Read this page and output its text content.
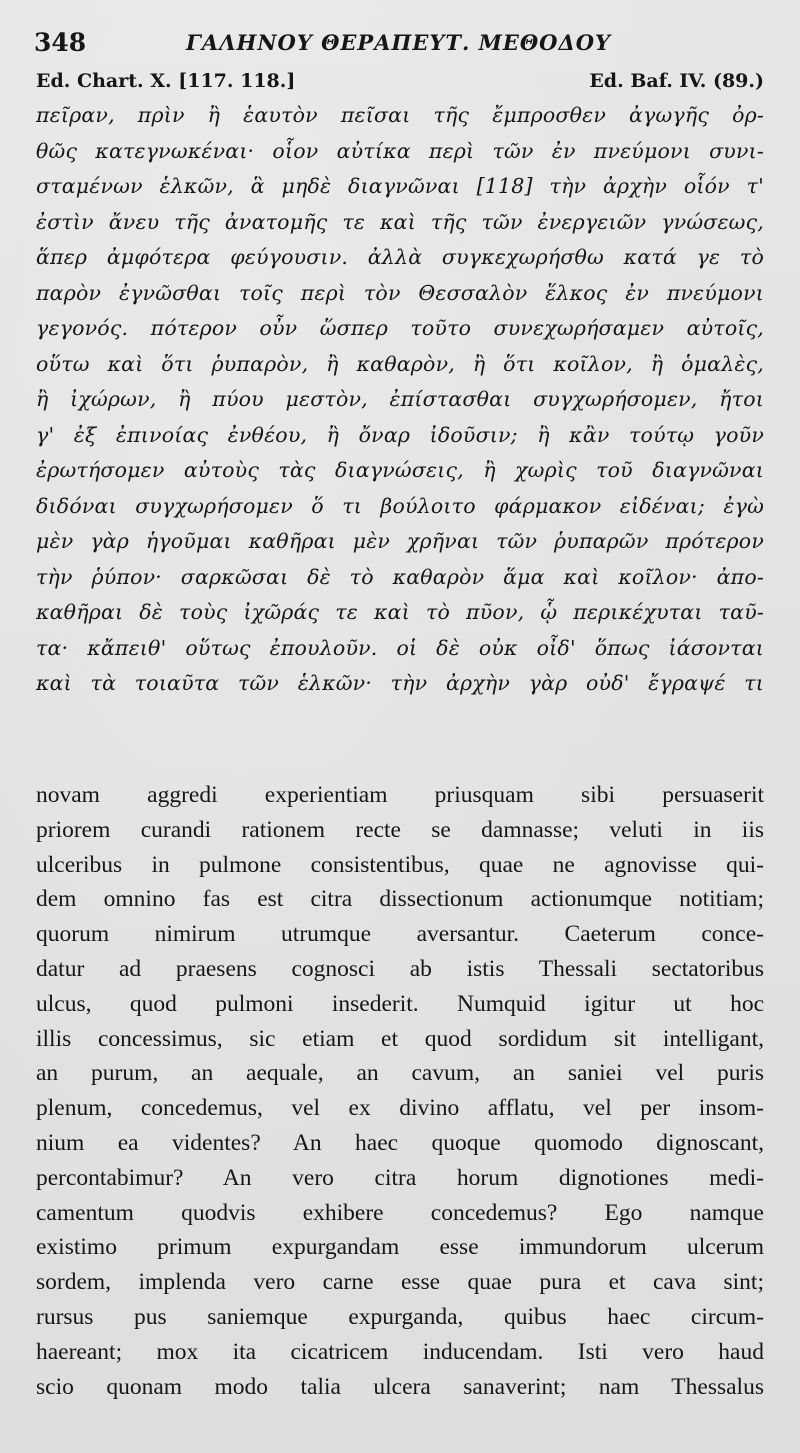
348	ΓΑΛΗΝΟΥ ΘΕΡΑΠΕΥΤ. ΜΕΘΟΔΟΥ
Ed. Chart. X. [117. 118.]	Ed. Baf. IV. (89.)
πεῖραν, πρὶν ἢ ἑαυτὸν πεῖσαι τῆς ἔμπροσθεν ἀγωγῆς ὀρ-
θῶς κατεγνωκέναι· οἷον αὐτίκα περὶ τῶν ἐν πνεύμονι συνι-
σταμένων ἑλκῶν, ἃ μηδὲ διαγνῶναι [118] τὴν ἀρχὴν οἷόν τ'
ἐστὶν ἄνευ τῆς ἀνατομῆς τε καὶ τῆς τῶν ἐνεργειῶν γνώσεως,
ἅπερ ἀμφότερα φεύγουσιν. ἀλλὰ συγκεχωρήσθω κατά γε τὸ
παρὸν ἐγνῶσθαι τοῖς περὶ τὸν Θεσσαλὸν ἕλκος ἐν πνεύμονι
γεγονός. πότερον οὖν ὥσπερ τοῦτο συνεχωρήσαμεν αὐτοῖς,
οὕτω καὶ ὅτι ῥυπαρὸν, ἢ καθαρὸν, ἢ ὅτι κοῖλον, ἢ ὁμαλὲς,
ἢ ἰχώρων, ἢ πύου μεστὸν, ἐπίστασθαι συγχωρήσομεν, ἤτοι
γ' ἐξ ἐπινοίας ἐνθέου, ἢ ὄναρ ἰδοῦσιν; ἢ κἂν τούτῳ γοῦν
ἐρωτήσομεν αὐτοὺς τὰς διαγνώσεις, ἢ χωρὶς τοῦ διαγνῶναι
διδόναι συγχωρήσομεν ὅ τι βούλοιτο φάρμακον εἰδέναι; ἐγὼ
μὲν γὰρ ἡγοῦμαι καθῆραι μὲν χρῆναι τῶν ῥυπαρῶν πρότερον
τὴν ῥύπον· σαρκῶσαι δὲ τὸ καθαρὸν ἅμα καὶ κοῖλον· ἀπο-
καθῆραι δὲ τοὺς ἰχῶράς τε καὶ τὸ πῦον, ᾧ περικέχυται ταῦ-
τα· κἄπειθ' οὕτως ἐπουλοῦν. οἱ δὲ οὐκ οἶδ' ὅπως ἰάσονται
καὶ τὰ τοιαῦτα τῶν ἑλκῶν· τὴν ἀρχὴν γὰρ οὐδ' ἔγραψέ τι
novam aggredi experientiam priusquam sibi persuaserit
priorem curandi rationem recte se damnasse; veluti in iis
ulceribus in pulmone consistentibus, quae ne agnovisse qui-
dem omnino fas est citra dissectionum actionumque notitiam;
quorum nimirum utrumque aversantur. Caeterum conce-
datur ad praesens cognosci ab istis Thessali sectatoribus
ulcus, quod pulmoni insederit. Numquid igitur ut hoc
illis concessimus, sic etiam et quod sordidum sit intelligant,
an purum, an aequale, an cavum, an saniei vel puris
plenum, concedemus, vel ex divino afflatu, vel per insom-
nium ea videntes? An haec quoque quomodo dignoscant,
percontabimur? An vero citra horum dignotiones medi-
camentum quodvis exhibere concedemus? Ego namque
existimo primum expurgandam esse immundorum ulcerum
sordem, implenda vero carne esse quae pura et cava sint;
rursus pus saniemque expurganda, quibus haec circum-
haereant; mox ita cicatricem inducendam. Isti vero haud
scio quonam modo talia ulcera sanaverint; nam Thessalus
